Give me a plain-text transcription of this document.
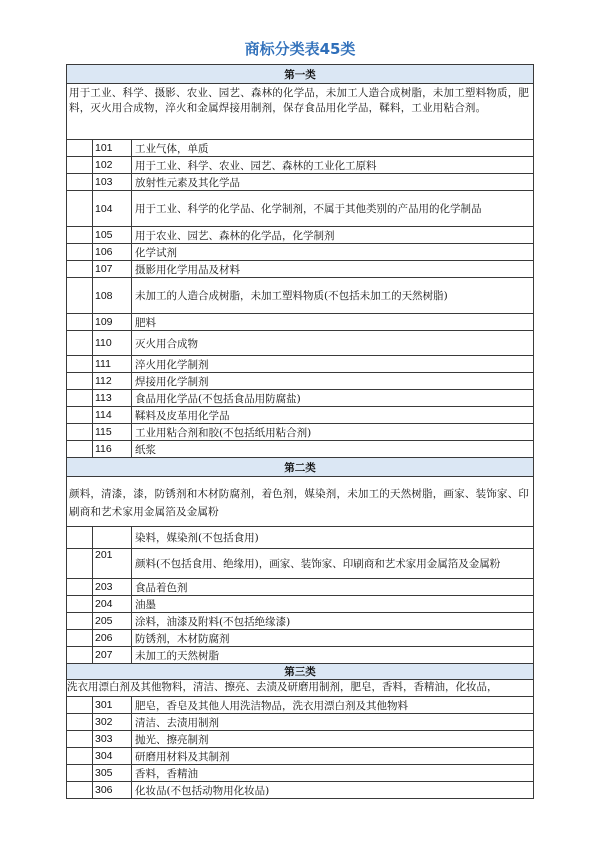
商标分类表45类
第一类		
用于工业、科学、摄影、农业、园艺、森林的化学品，未加工人造合成树脂，未加工塑料物质，肥料，灭火用合成物，淬火和金属焊接用制剂，保存食品用化学品，鞣料，工业用粘合剂。		
	101	工业气体，单质
	102	用于工业、科学、农业、园艺、森林的工业化工原料
	103	放射性元素及其化学品
	104	用于工业、科学的化学品、化学制剂，不属于其他类别的产品用的化学制品
	105	用于农业、园艺、森林的化学品，化学制剂
	106	化学试剂
	107	摄影用化学用品及材料
	108	未加工的人造合成树脂，未加工塑料物质(不包括未加工的天然树脂)
	109	肥料
	110	灭火用合成物
	111	淬火用化学制剂
	112	焊接用化学制剂
	113	食品用化学品(不包括食品用防腐盐)
	114	鞣料及皮革用化学品
	115	工业用粘合剂和胶(不包括纸用粘合剂)
	116	纸浆
第二类		
颜料，清漆，漆，防锈剂和木材防腐剂，着色剂，媒染剂，未加工的天然树脂，画家、装饰家、印刷商和艺术家用金属箔及金属粉		
		染料，媒染剂(不包括食用)
	201	颜料(不包括食用、绝缘用)，画家、装饰家、印刷商和艺术家用金属箔及金属粉
	203	食品着色剂
	204	油墨
	205	涂料，油漆及附料(不包括绝缘漆)
	206	防锈剂，木材防腐剂
	207	未加工的天然树脂
第三类		
洗衣用漂白剂及其他物料，清洁、擦亮、去渍及研磨用制剂，肥皂，香料，香精油，化妆品，		
	301	肥皂，香皂及其他人用洗洁物品，洗衣用漂白剂及其他物料
	302	清洁、去渍用制剂
	303	抛光、擦亮制剂
	304	研磨用材料及其制剂
	305	香料，香精油
	306	化妆品(不包括动物用化妆品)
